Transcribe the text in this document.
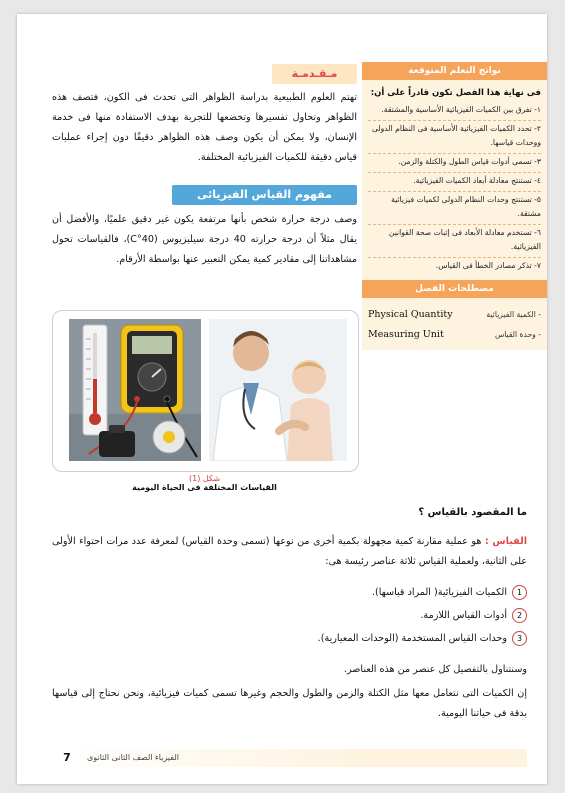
نواتج التعلم المتوقعة
فى نهاية هذا الفصل تكون قادراً على أن:
١- تفرق بين الكميات الفيزيائية الأساسية والمشتقة.
٢- تحدد الكميات الفيزيائية الأساسية فى النظام الدولى ووحدات قياسها.
٣- تسمى أدوات قياس الطول والكتلة والزمن.
٤- تستنتج معادلة أبعاد الكميات الفيزيائية.
٥- تستنتج وحدات النظام الدولى لكميات فيزيائية مشتقة.
٦- تستخدم معادلة الأبعاد فى إثبات صحة القوانين الفيزيائية.
٧- تذكر مصادر الخطأ فى القياس.
مصطلحات الفصل
Physical Quantity	- الكمية الفيزيائية
Measuring Unit	- وحدة القياس
مـقـدمـة
تهتم العلوم الطبيعية بدراسة الظواهر التى تحدث فى الكون، فتصف هذه الظواهر وتحاول تفسيرها وتخضعها للتجربة بهدف الاستفادة منها فى خدمة الإنسان، ولا يمكن أن يكون وصف هذه الظواهر دقيقًا دون إجراء عمليات قياس دقيقة للكميات الفيزيائية المختلفة.
مفهوم القياس الفيزيائى
وصف درجة حرارة شخص بأنها مرتفعة يكون غير دقيق علميًا، والأفضل أن يقال مثلاً أن درجة حرارته 40 درجة سيليزيوس (40°C)، فالقياسات تحول مشاهداتنا إلى مقادير كمية يمكن التعبير عنها بواسطة الأرقام.
شكل (1)
القياسات المختلفة فى الحياة اليومية
ما المقصود بالقياس ؟
القياس : هو عملية مقارنة كمية مجهولة بكمية أخرى من نوعها (تسمى وحدة القياس) لمعرفة عدد مرات احتواء الأولى على الثانية، ولعملية القياس ثلاثة عناصر رئيسة هى:
1
الكميات الفيزيائية( المراد قياسها).
2
أدوات القياس اللازمة.
3
وحدات القياس المستخدمة (الوحدات المعيارية).
وسنتناول بالتفصيل كل عنصر من هذه العناصر.
إن الكميات التى نتعامل معها مثل الكتلة والزمن والطول والحجم وغيرها تسمى كميات فيزيائية، ونحن نحتاج إلى قياسها بدقة فى حياتنا اليومية.
7	الفيزياء الصف الثانى الثانوى
